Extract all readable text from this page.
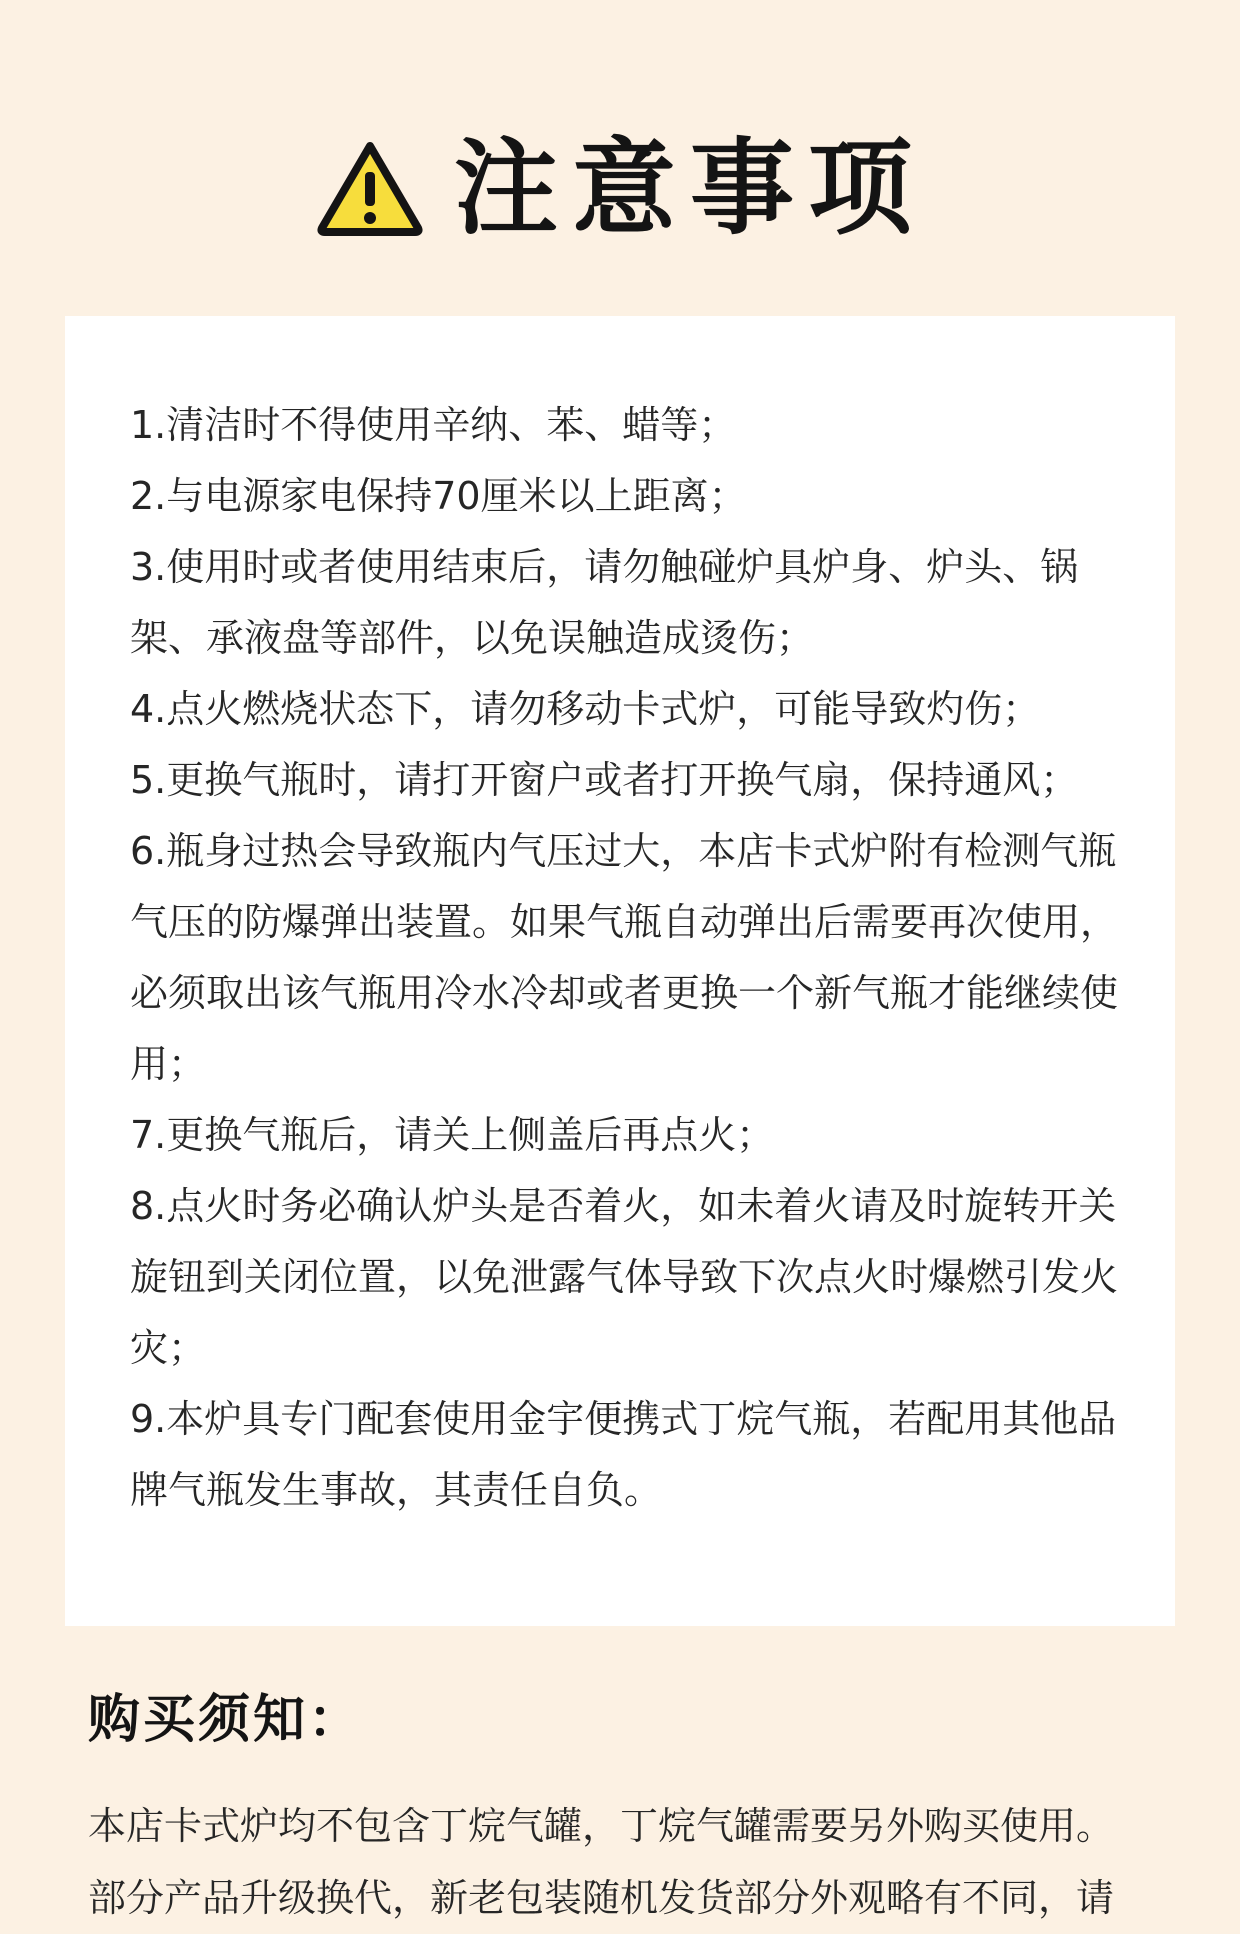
注意事项
1.清洁时不得使用辛纳、苯、蜡等；
2.与电源家电保持70厘米以上距离；
3.使用时或者使用结束后，请勿触碰炉具炉身、炉头、锅架、承液盘等部件，以免误触造成烫伤；
4.点火燃烧状态下，请勿移动卡式炉，可能导致灼伤；
5.更换气瓶时，请打开窗户或者打开换气扇，保持通风；
6.瓶身过热会导致瓶内气压过大，本店卡式炉附有检测气瓶气压的防爆弹出装置。如果气瓶自动弹出后需要再次使用，必须取出该气瓶用冷水冷却或者更换一个新气瓶才能继续使用；
7.更换气瓶后，请关上侧盖后再点火；
8.点火时务必确认炉头是否着火，如未着火请及时旋转开关旋钮到关闭位置，以免泄露气体导致下次点火时爆燃引发火灾；
9.本炉具专门配套使用金宇便携式丁烷气瓶，若配用其他品牌气瓶发生事故，其责任自负。
购买须知：
本店卡式炉均不包含丁烷气罐，丁烷气罐需要另外购买使用。
部分产品升级换代，新老包装随机发货部分外观略有不同，请
